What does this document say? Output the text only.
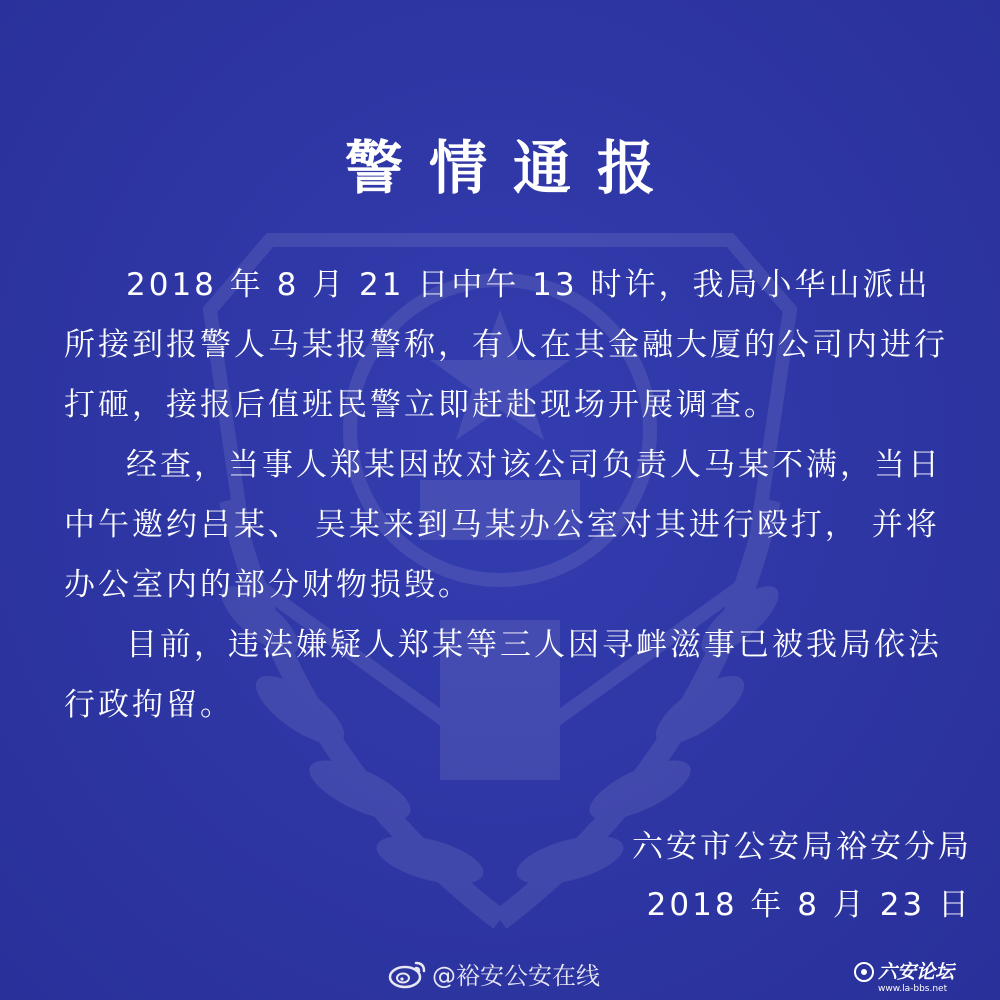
警情通报

2018 年 8 月 21 日中午 13 时许，我局小华山派出所接到报警人马某报警称，有人在其金融大厦的公司内进行打砸，接报后值班民警立即赶赴现场开展调查。

经查，当事人郑某因故对该公司负责人马某不满，当日中午邀约吕某、 吴某来到马某办公室对其进行殴打， 并将办公室内的部分财物损毁。

目前，违法嫌疑人郑某等三人因寻衅滋事已被我局依法行政拘留。

六安市公安局裕安分局
2018 年 8 月 23 日
@裕安公安在线	六安论坛
www.la-bbs.net
